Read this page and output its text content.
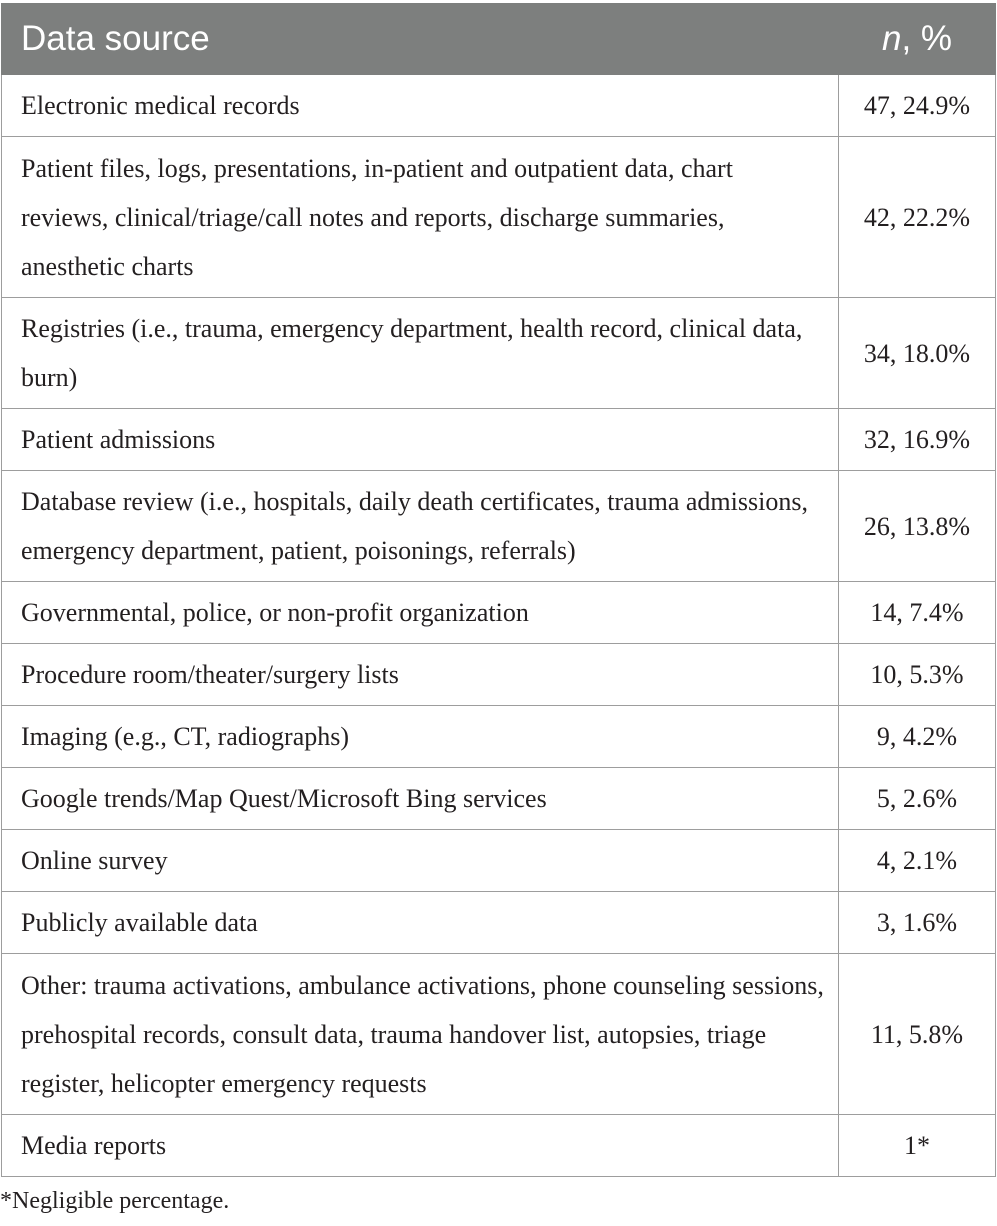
Data source	n, %
Electronic medical records	47, 24.9%
Patient files, logs, presentations, in-patient and outpatient data, chart reviews, clinical/triage/call notes and reports, discharge summaries, anesthetic charts	42, 22.2%
Registries (i.e., trauma, emergency department, health record, clinical data, burn)	34, 18.0%
Patient admissions	32, 16.9%
Database review (i.e., hospitals, daily death certificates, trauma admissions, emergency department, patient, poisonings, referrals)	26, 13.8%
Governmental, police, or non-profit organization	14, 7.4%
Procedure room/theater/surgery lists	10, 5.3%
Imaging (e.g., CT, radiographs)	9, 4.2%
Google trends/Map Quest/Microsoft Bing services	5, 2.6%
Online survey	4, 2.1%
Publicly available data	3, 1.6%
Other: trauma activations, ambulance activations, phone counseling sessions, prehospital records, consult data, trauma handover list, autopsies, triage register, helicopter emergency requests	11, 5.8%
Media reports	1*
*Negligible percentage.
